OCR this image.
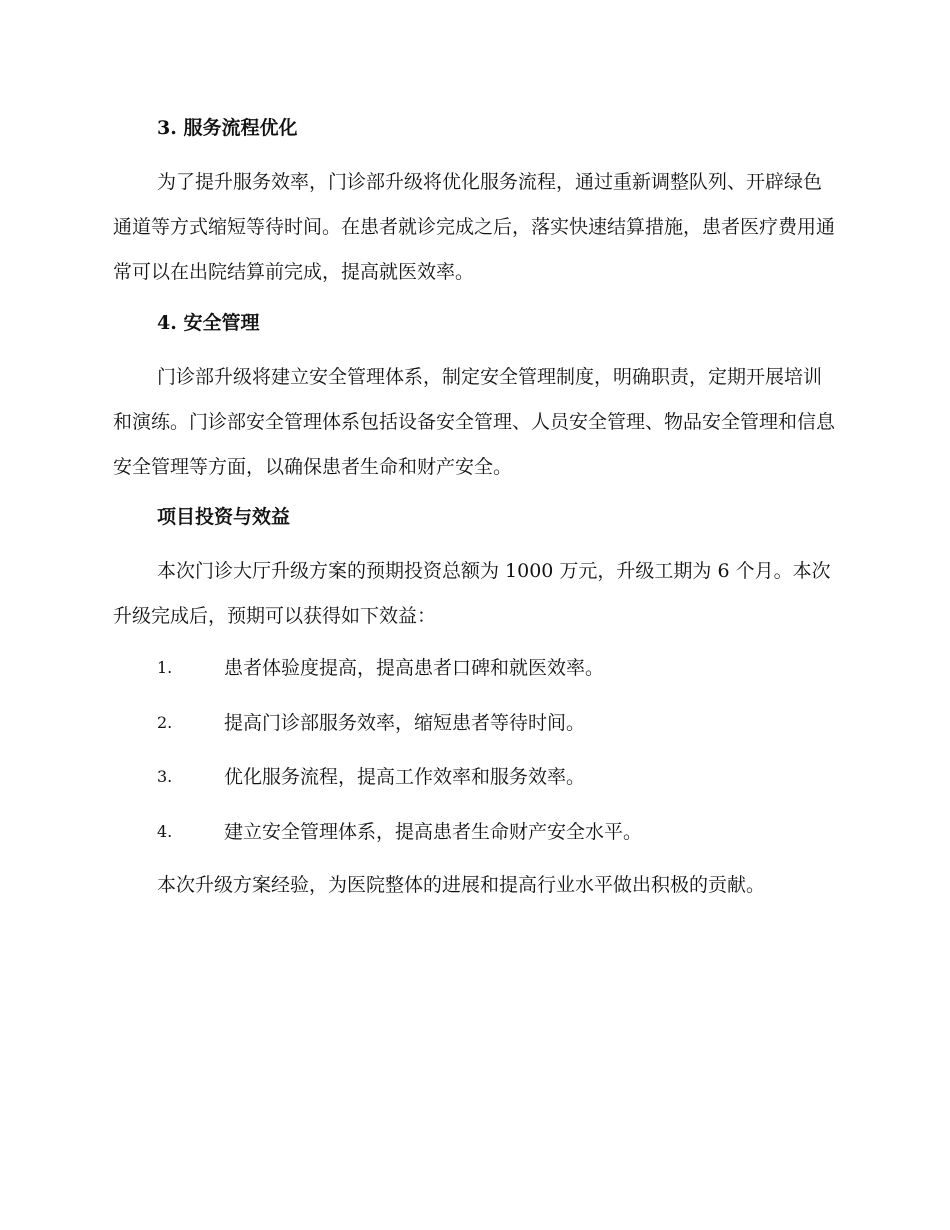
3. 服务流程优化

为了提升服务效率，门诊部升级将优化服务流程，通过重新调整队列、开辟绿色通道等方式缩短等待时间。在患者就诊完成之后，落实快速结算措施，患者医疗费用通常可以在出院结算前完成，提高就医效率。

4. 安全管理

门诊部升级将建立安全管理体系，制定安全管理制度，明确职责，定期开展培训和演练。门诊部安全管理体系包括设备安全管理、人员安全管理、物品安全管理和信息安全管理等方面，以确保患者生命和财产安全。

项目投资与效益

本次门诊大厅升级方案的预期投资总额为 1000 万元，升级工期为 6 个月。本次升级完成后，预期可以获得如下效益：

1.	患者体验度提高，提高患者口碑和就医效率。
2.	提高门诊部服务效率，缩短患者等待时间。
3.	优化服务流程，提高工作效率和服务效率。
4.	建立安全管理体系，提高患者生命财产安全水平。

本次升级方案经验，为医院整体的进展和提高行业水平做出积极的贡献。
